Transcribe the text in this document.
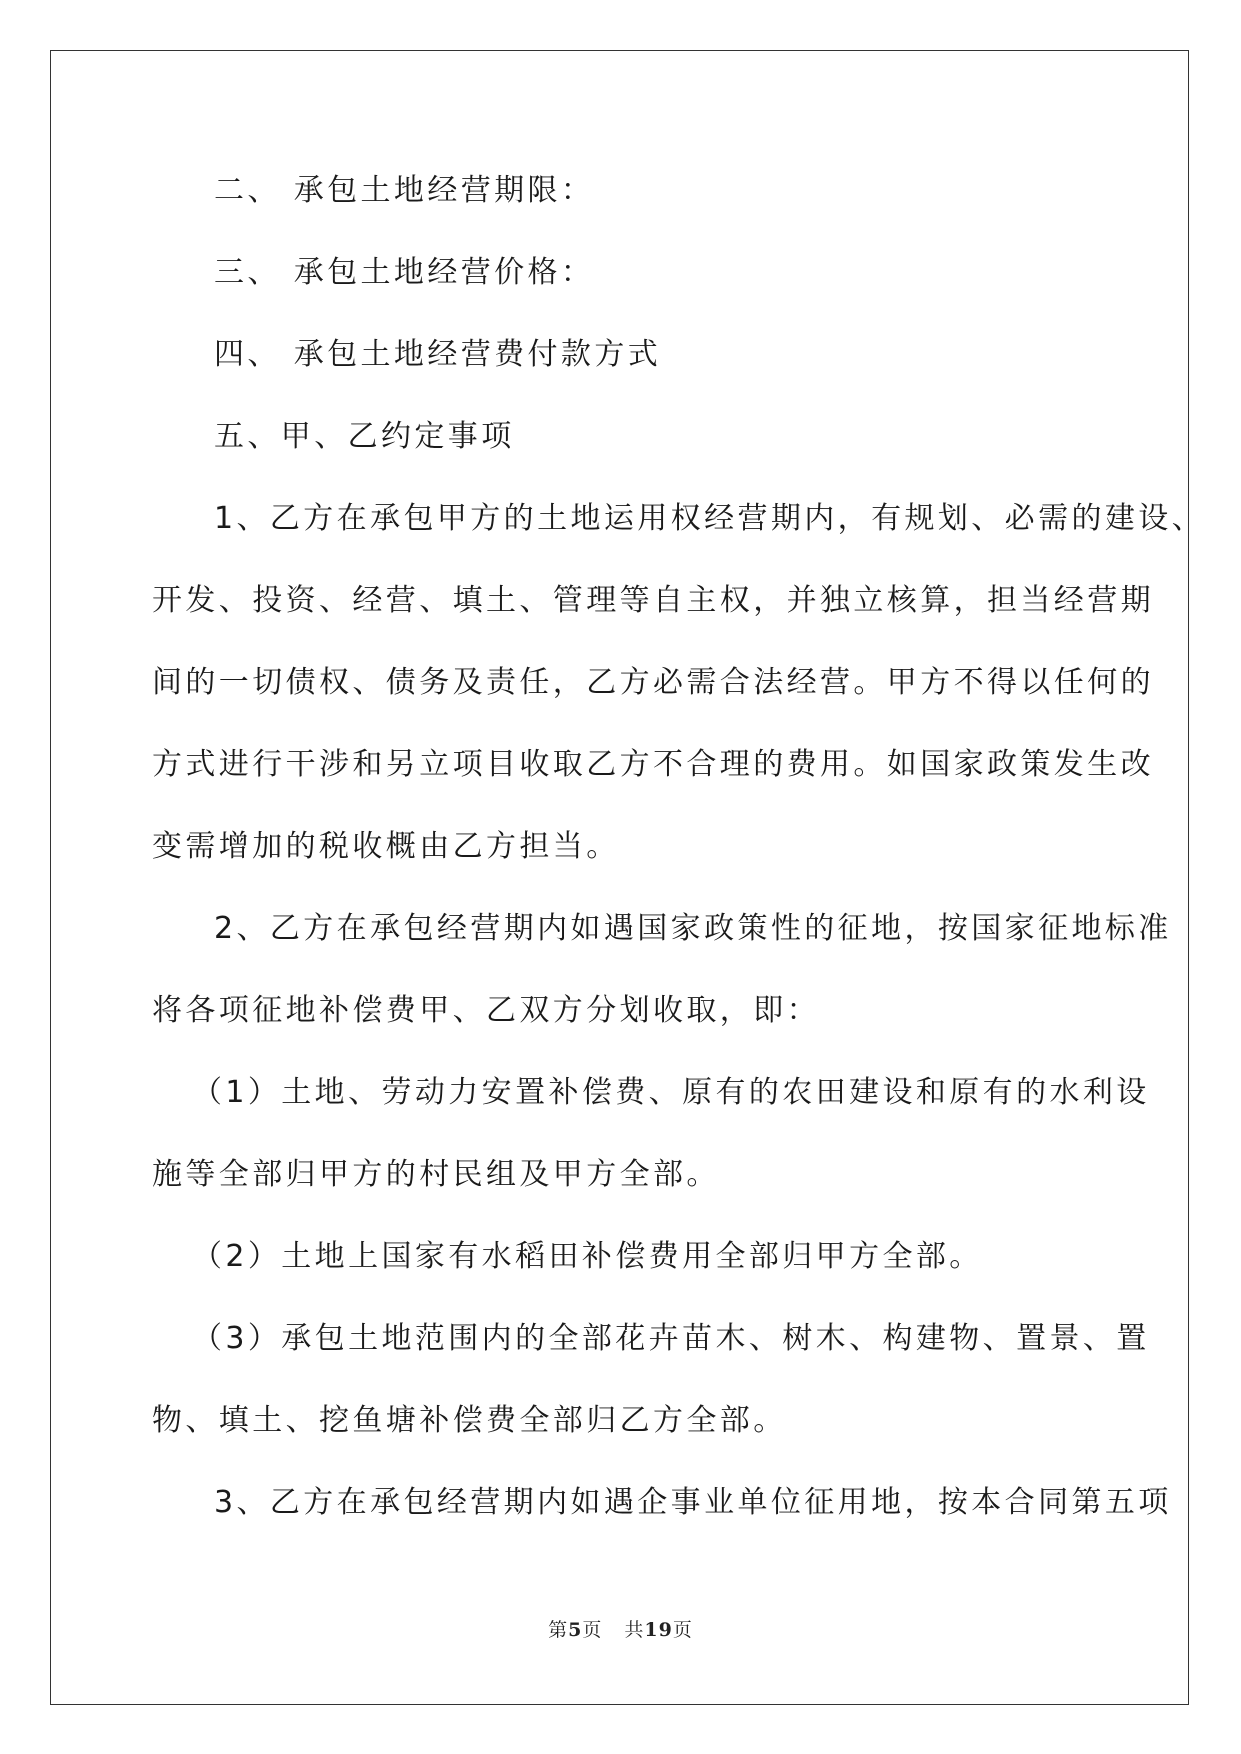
二、 承包土地经营期限：
三、 承包土地经营价格：
四、 承包土地经营费付款方式
五、甲、乙约定事项
1、乙方在承包甲方的土地运用权经营期内，有规划、必需的建设、
开发、投资、经营、填土、管理等自主权，并独立核算，担当经营期
间的一切债权、债务及责任，乙方必需合法经营。甲方不得以任何的
方式进行干涉和另立项目收取乙方不合理的费用。如国家政策发生改
变需增加的税收概由乙方担当。
2、乙方在承包经营期内如遇国家政策性的征地，按国家征地标准
将各项征地补偿费甲、乙双方分划收取，即：
（1）土地、劳动力安置补偿费、原有的农田建设和原有的水利设
施等全部归甲方的村民组及甲方全部。
（2）土地上国家有水稻田补偿费用全部归甲方全部。
（3）承包土地范围内的全部花卉苗木、树木、构建物、置景、置
物、填土、挖鱼塘补偿费全部归乙方全部。
3、乙方在承包经营期内如遇企事业单位征用地，按本合同第五项
第5页 共19页
